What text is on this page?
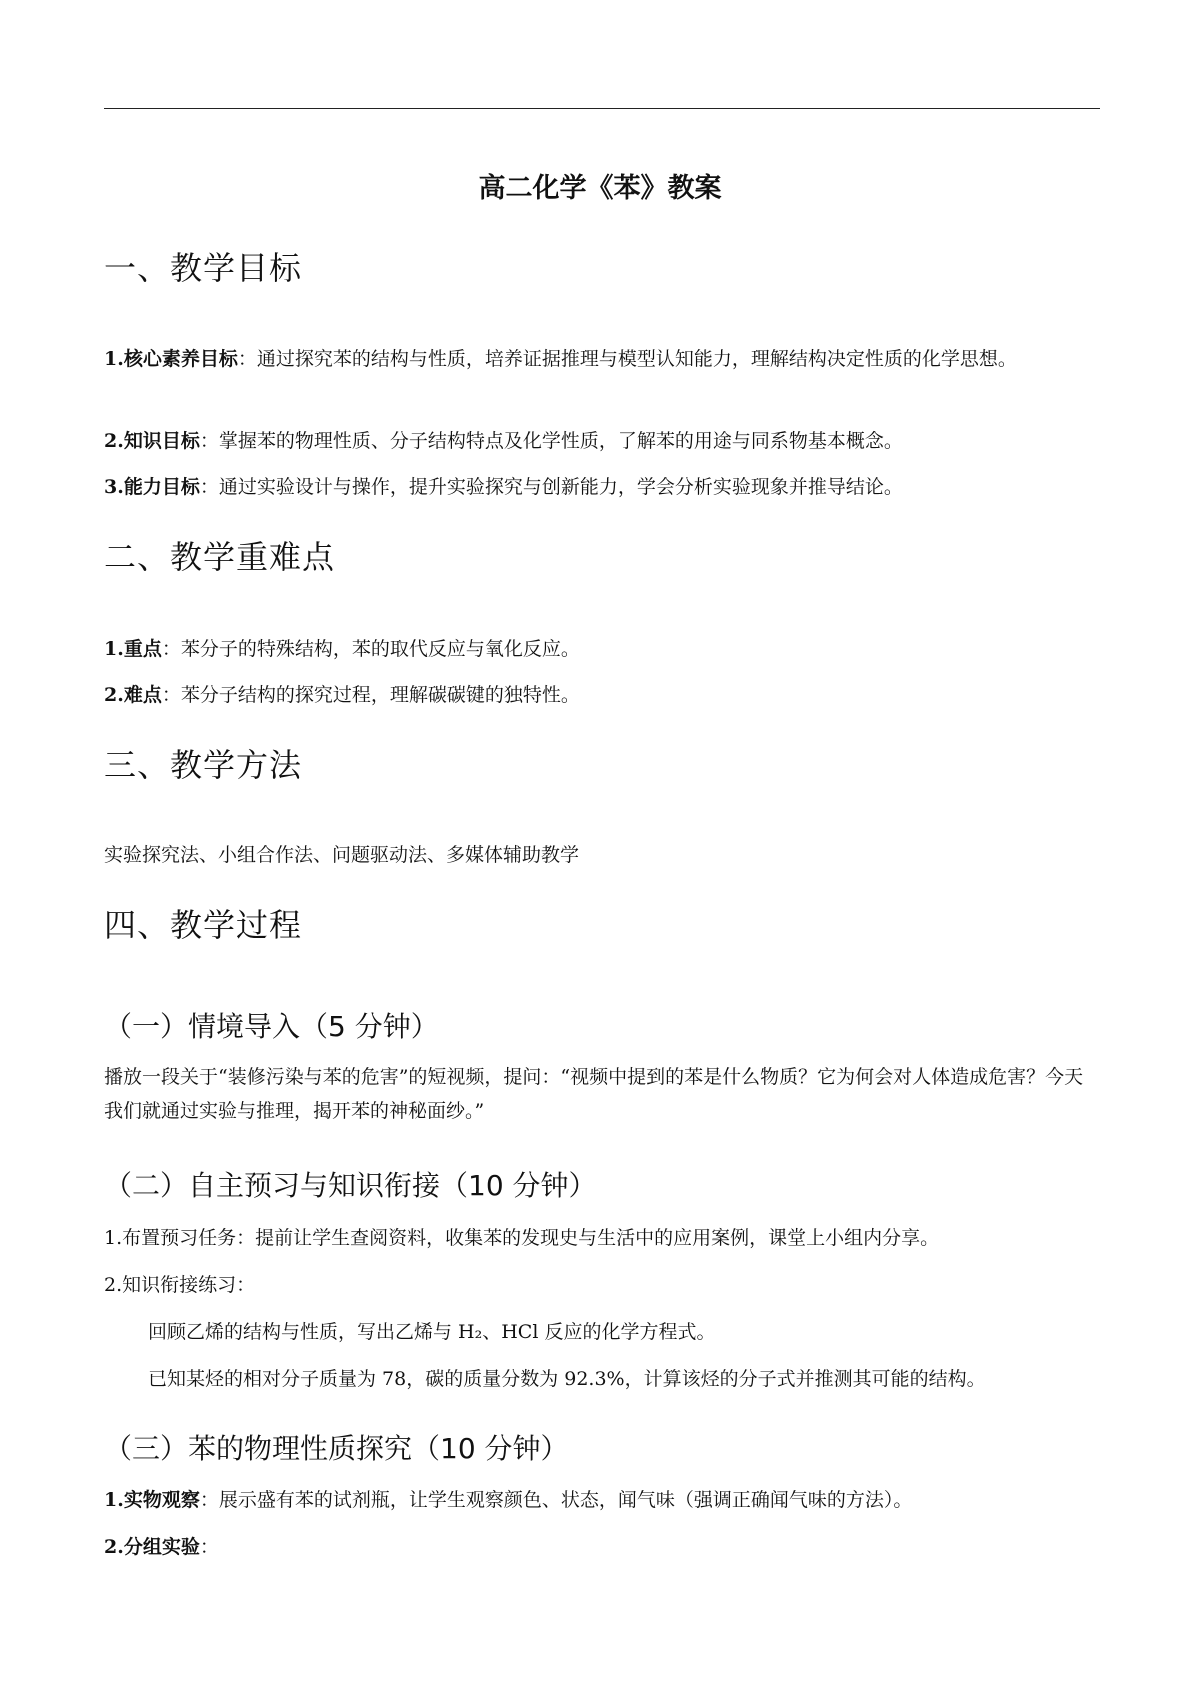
高二化学《苯》教案
一、教学目标
1.核心素养目标：通过探究苯的结构与性质，培养证据推理与模型认知能力，理解结构决定性质的化学思想。
2.知识目标：掌握苯的物理性质、分子结构特点及化学性质，了解苯的用途与同系物基本概念。
3.能力目标：通过实验设计与操作，提升实验探究与创新能力，学会分析实验现象并推导结论。
二、教学重难点
1.重点：苯分子的特殊结构，苯的取代反应与氧化反应。
2.难点：苯分子结构的探究过程，理解碳碳键的独特性。
三、教学方法
实验探究法、小组合作法、问题驱动法、多媒体辅助教学
四、教学过程
（一）情境导入（5 分钟）
播放一段关于“装修污染与苯的危害”的短视频，提问：“视频中提到的苯是什么物质？它为何会对人体造成危害？今天我们就通过实验与推理，揭开苯的神秘面纱。”
（二）自主预习与知识衔接（10 分钟）
1.布置预习任务：提前让学生查阅资料，收集苯的发现史与生活中的应用案例，课堂上小组内分享。
2.知识衔接练习：
回顾乙烯的结构与性质，写出乙烯与 H₂、HCl 反应的化学方程式。
已知某烃的相对分子质量为 78，碳的质量分数为 92.3%，计算该烃的分子式并推测其可能的结构。
（三）苯的物理性质探究（10 分钟）
1.实物观察：展示盛有苯的试剂瓶，让学生观察颜色、状态，闻气味（强调正确闻气味的方法）。
2.分组实验：
